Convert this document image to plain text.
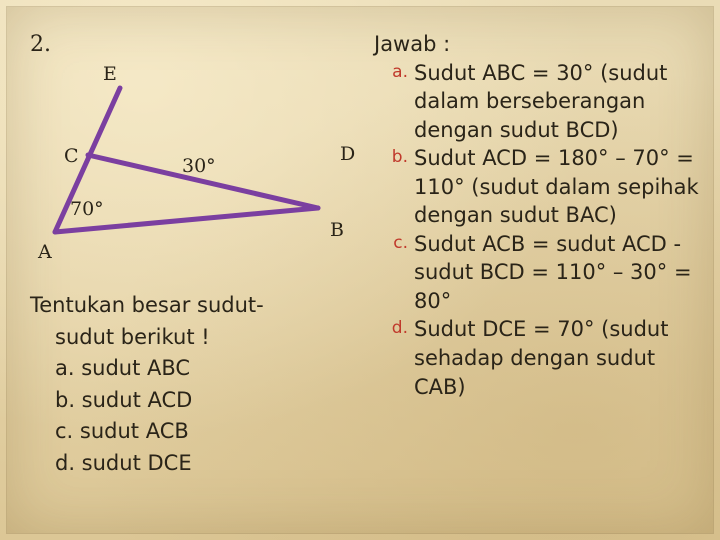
2.
E
C	D
A
B
30°
70°
Tentukan besar sudut-
sudut berikut !
a. sudut ABC
b. sudut ACD
c. sudut ACB
d. sudut DCE
Jawab :
a. Sudut ABC = 30° (sudut dalam berseberangan dengan sudut BCD)
b. Sudut ACD = 180° – 70° = 110° (sudut dalam sepihak dengan sudut BAC)
c. Sudut ACB = sudut ACD - sudut BCD = 110° – 30° = 80°
d. Sudut DCE = 70° (sudut sehadap dengan sudut CAB)
